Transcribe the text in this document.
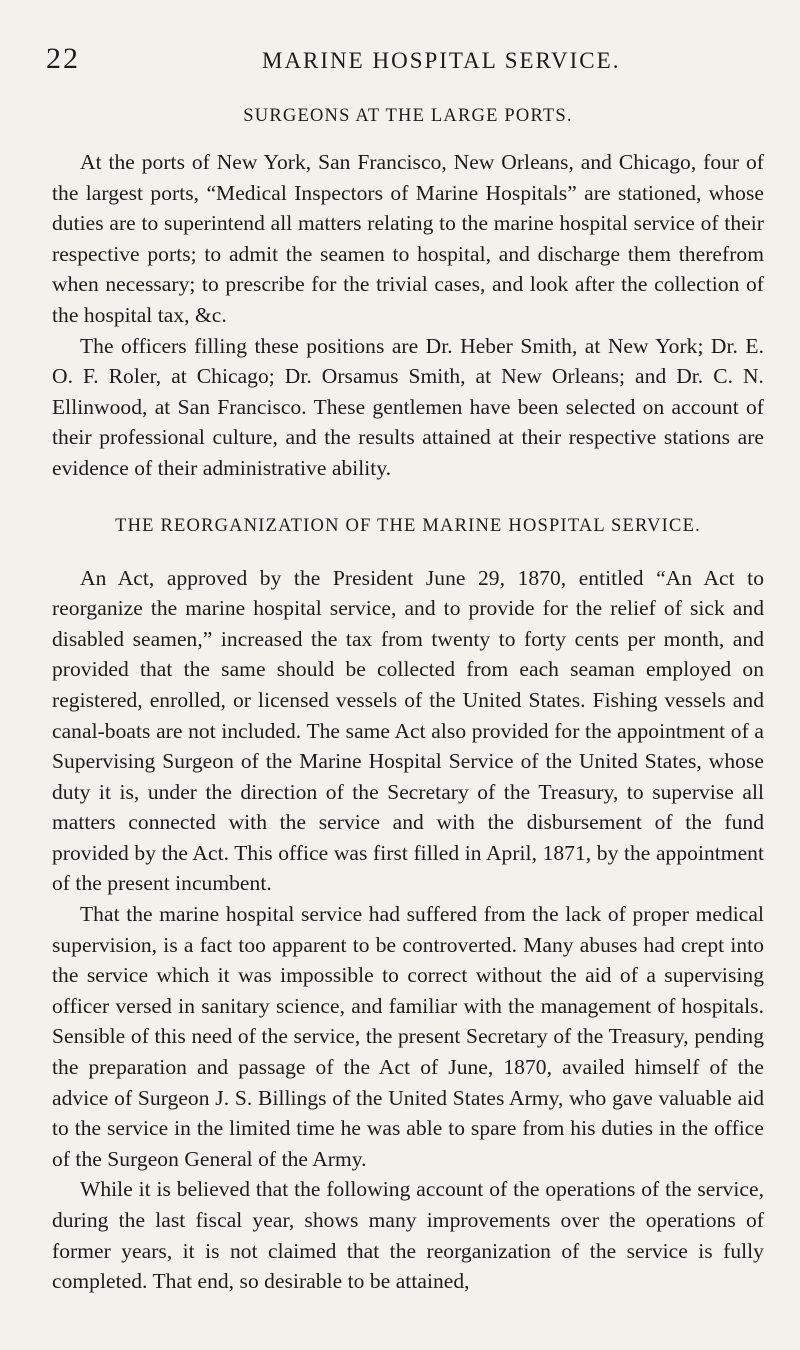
22	MARINE HOSPITAL SERVICE.
SURGEONS AT THE LARGE PORTS.

At the ports of New York, San Francisco, New Orleans, and Chicago, four of the largest ports, “Medical Inspectors of Marine Hospitals” are stationed, whose duties are to superintend all matters relating to the marine hospital service of their respective ports; to admit the seamen to hospital, and discharge them therefrom when necessary; to prescribe for the trivial cases, and look after the collection of the hospital tax, &c.

The officers filling these positions are Dr. Heber Smith, at New York; Dr. E. O. F. Roler, at Chicago; Dr. Orsamus Smith, at New Orleans; and Dr. C. N. Ellinwood, at San Francisco. These gentlemen have been selected on account of their professional culture, and the results attained at their respective stations are evidence of their administrative ability.

THE REORGANIZATION OF THE MARINE HOSPITAL SERVICE.

An Act, approved by the President June 29, 1870, entitled “An Act to reorganize the marine hospital service, and to provide for the relief of sick and disabled seamen,” increased the tax from twenty to forty cents per month, and provided that the same should be collected from each seaman employed on registered, enrolled, or licensed vessels of the United States. Fishing vessels and canal-boats are not included. The same Act also provided for the appointment of a Supervising Surgeon of the Marine Hospital Service of the United States, whose duty it is, under the direction of the Secretary of the Treasury, to supervise all matters connected with the service and with the disbursement of the fund provided by the Act. This office was first filled in April, 1871, by the appointment of the present incumbent.

That the marine hospital service had suffered from the lack of proper medical supervision, is a fact too apparent to be controverted. Many abuses had crept into the service which it was impossible to correct without the aid of a supervising officer versed in sanitary science, and familiar with the management of hospitals. Sensible of this need of the service, the present Secretary of the Treasury, pending the preparation and passage of the Act of June, 1870, availed himself of the advice of Surgeon J. S. Billings of the United States Army, who gave valuable aid to the service in the limited time he was able to spare from his duties in the office of the Surgeon General of the Army.

While it is believed that the following account of the operations of the service, during the last fiscal year, shows many improvements over the operations of former years, it is not claimed that the reorganization of the service is fully completed. That end, so desirable to be attained,
